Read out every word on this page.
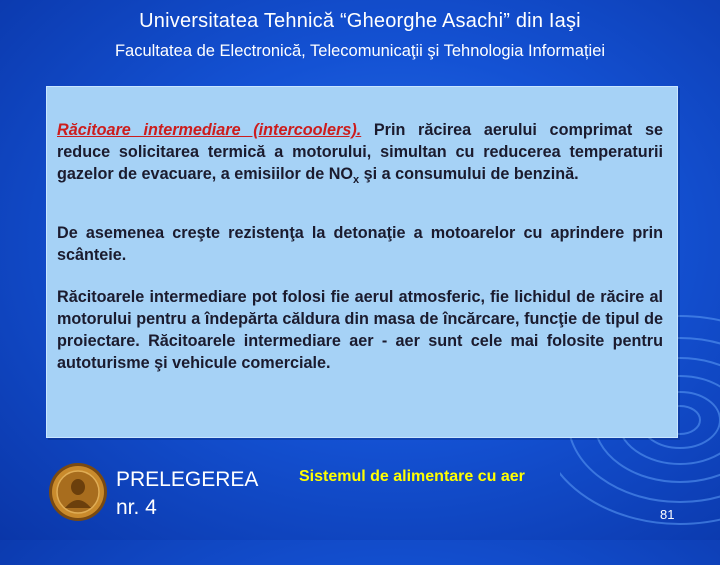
Universitatea Tehnică “Gheorghe Asachi” din Iaşi
Facultatea de Electronică, Telecomunicaţii şi Tehnologia Informației
Răcitoare intermediare (intercoolers). Prin răcirea aerului comprimat se reduce solicitarea termică a motorului, simultan cu reducerea temperaturii gazelor de evacuare, a emisiilor de $NO_x$ şi a consumului de benzină.
De asemenea creşte rezistenţa la detonaţie a motoarelor cu aprindere prin scânteie.
Răcitoarele intermediare pot folosi fie aerul atmosferic, fie lichidul de răcire al motorului pentru a îndepărta căldura din masa de încărcare, funcţie de tipul de proiectare. Răcitoarele intermediare aer - aer sunt cele mai folosite pentru autoturisme şi vehicule comerciale.
PRELEGEREA
nr. 4
Sistemul de alimentare cu aer
81
